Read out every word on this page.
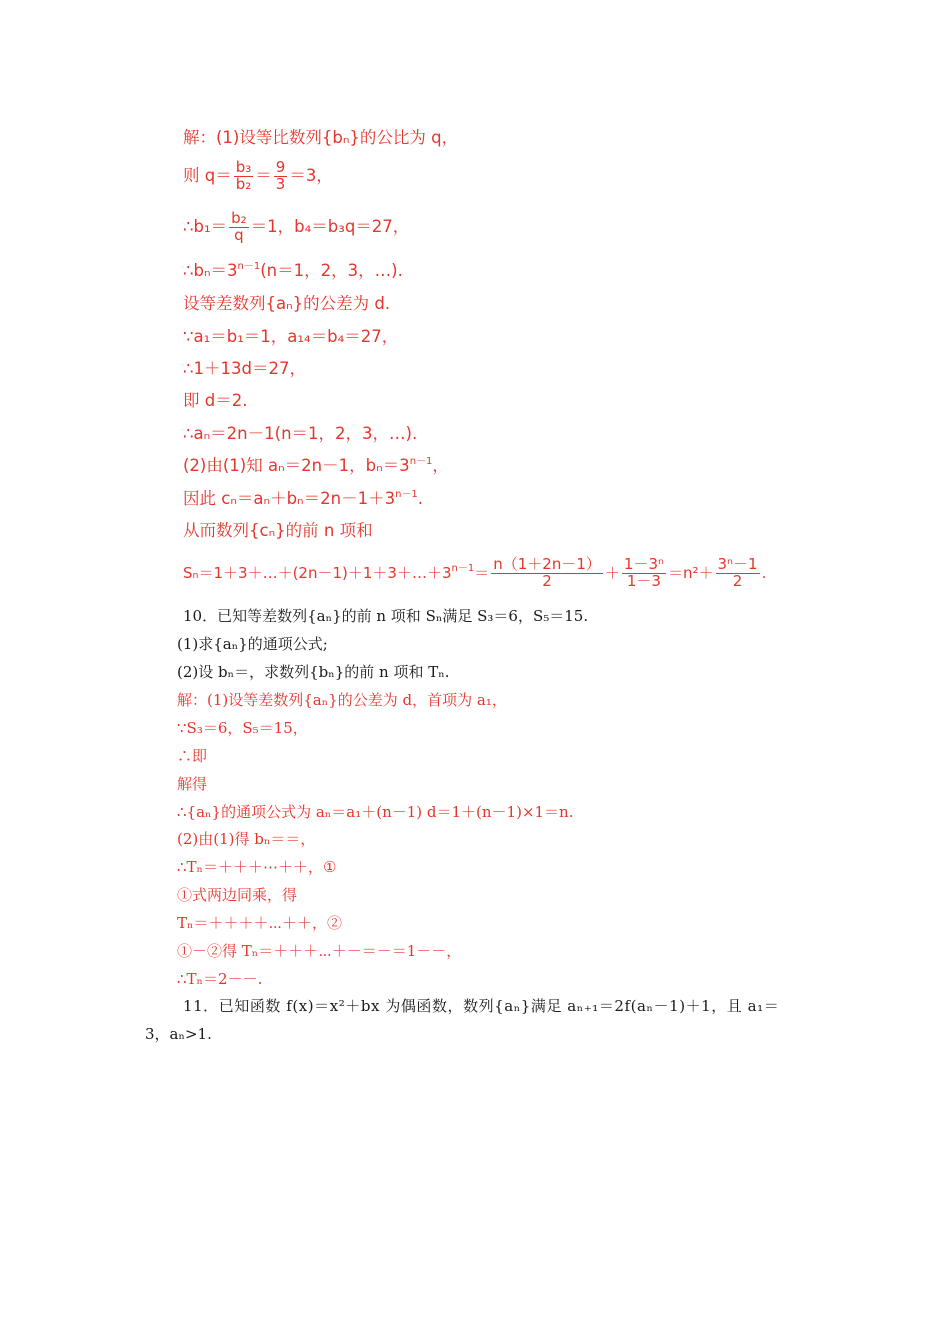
解：(1)设等比数列{bₙ}的公比为 q，
则 $q= \frac{\text{b₃}}{\text{b₂}} = \frac{9}{3} =3$，
∴b₁＝ $\frac{\text{b₂}}{q} =1$，b₄＝b₃q＝27，
$\therefore b_n=3^{n-1}(n=1$，2，3，…).
设等差数列{aₙ}的公差为 d.
∵a₁＝b₁＝1，a₁₄＝b₄＝27，
∴1＋13d＝27，
即 d＝2.
∴aₙ＝2n－1(n＝1，2，3，…).
(2)由(1)知 aₙ＝2n－1，$b_n=3^{n-1}$，
因此 $c_n=a_n+b_n=2n-1+3^{n-1}$.
从而数列{cₙ}的前 n 项和
$S_n=1+3+\dots+(2n-1)+1+3+\dots+3^{n-1}= \frac{n(1+2n-1)}{2} + \frac{\text{1－3ⁿ}}{1-3} =n^2+ \frac{\text{3ⁿ－1}}{2}$ .
10．已知等差数列{aₙ}的前 n 项和 Sₙ满足 S₃＝6，S₅＝15.
(1)求{aₙ}的通项公式;
(2)设 bₙ＝，求数列{bₙ}的前 n 项和 Tₙ.
解：(1)设等差数列{aₙ}的公差为 d，首项为 a₁，
∵S₃＝6，S₅＝15，
∴即
解得
∴{aₙ}的通项公式为 aₙ＝a₁＋(n－1) d＝1＋(n－1)×1＝n.
(2)由(1)得 bₙ＝＝，
∴Tₙ＝＋＋＋⋯＋＋，①
①式两边同乘，得
Tₙ＝＋＋＋＋⋯＋＋，②
①－②得 Tₙ＝＋＋＋⋯＋－＝－＝1－－，
∴Tₙ＝2－－.
11．已知函数 f(x)＝x²＋bx 为偶函数，数列{aₙ}满足 aₙ₊₁＝2f(aₙ－1)＋1，且 a₁＝
3，aₙ>1.
